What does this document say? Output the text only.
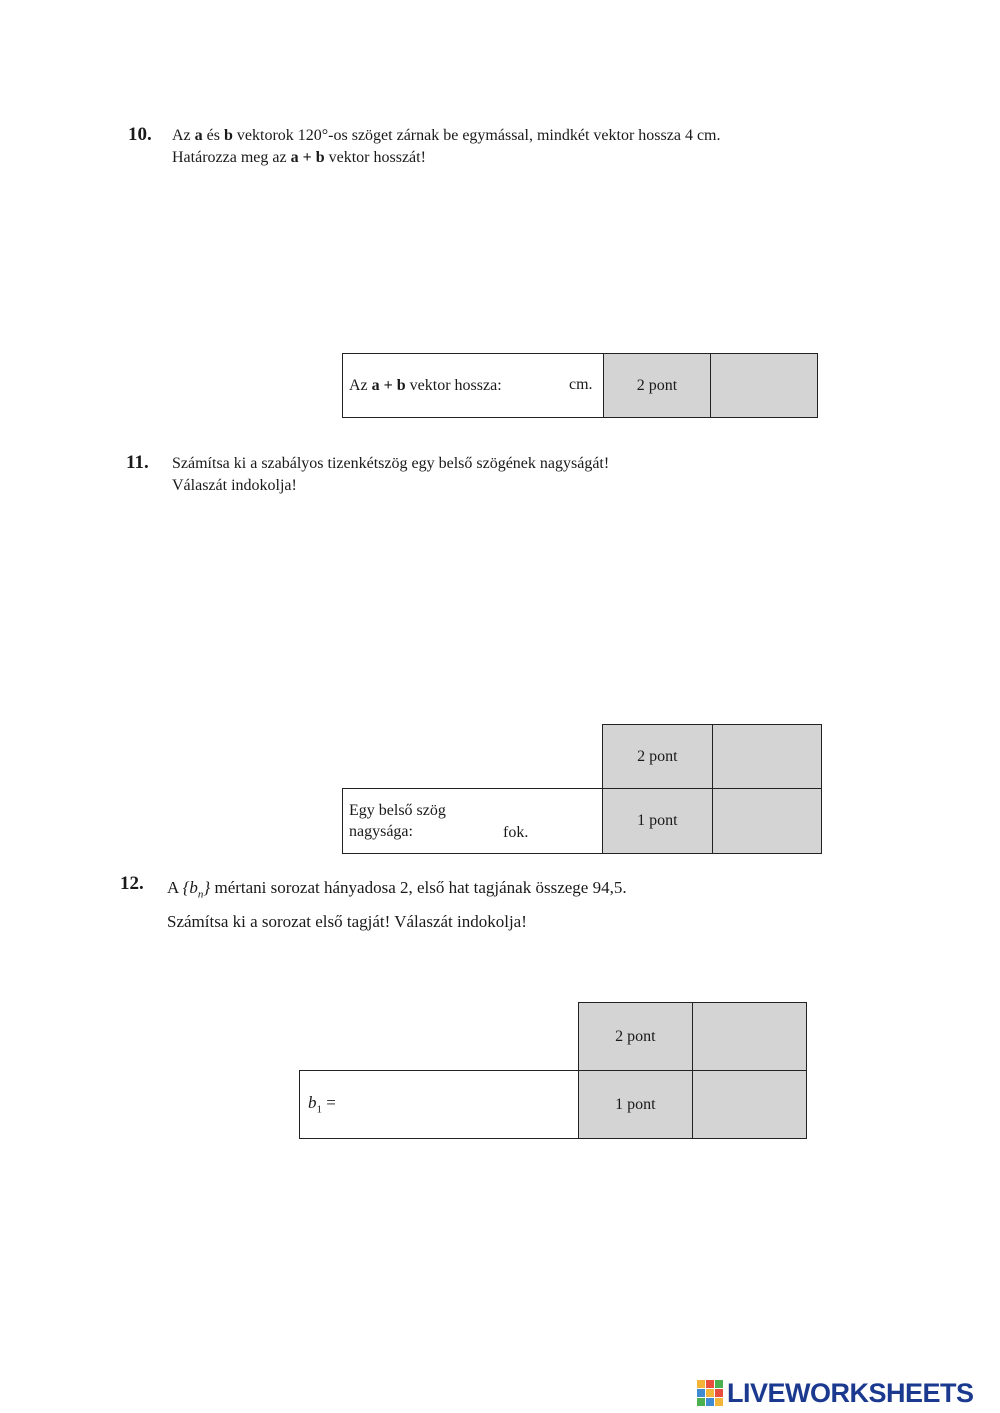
10. Az a és b vektorok 120°-os szöget zárnak be egymással, mindkét vektor hossza 4 cm.
Határozza meg az a + b vektor hosszát!
Az a + b vektor hossza:	cm.	2 pont	
11. Számítsa ki a szabályos tizenkétszög egy belső szögének nagyságát!
Válaszát indokolja!
	2 pont	

Egy belső szög
nagysága: fok.	1 pont	
12. A $\{b_n\}$ mértani sorozat hányadosa 2, első hat tagjának összege 94,5.
Számítsa ki a sorozat első tagját! Válaszát indokolja!
	2 pont	
$b_1$ =	1 pont	
LIVEWORKSHEETS
